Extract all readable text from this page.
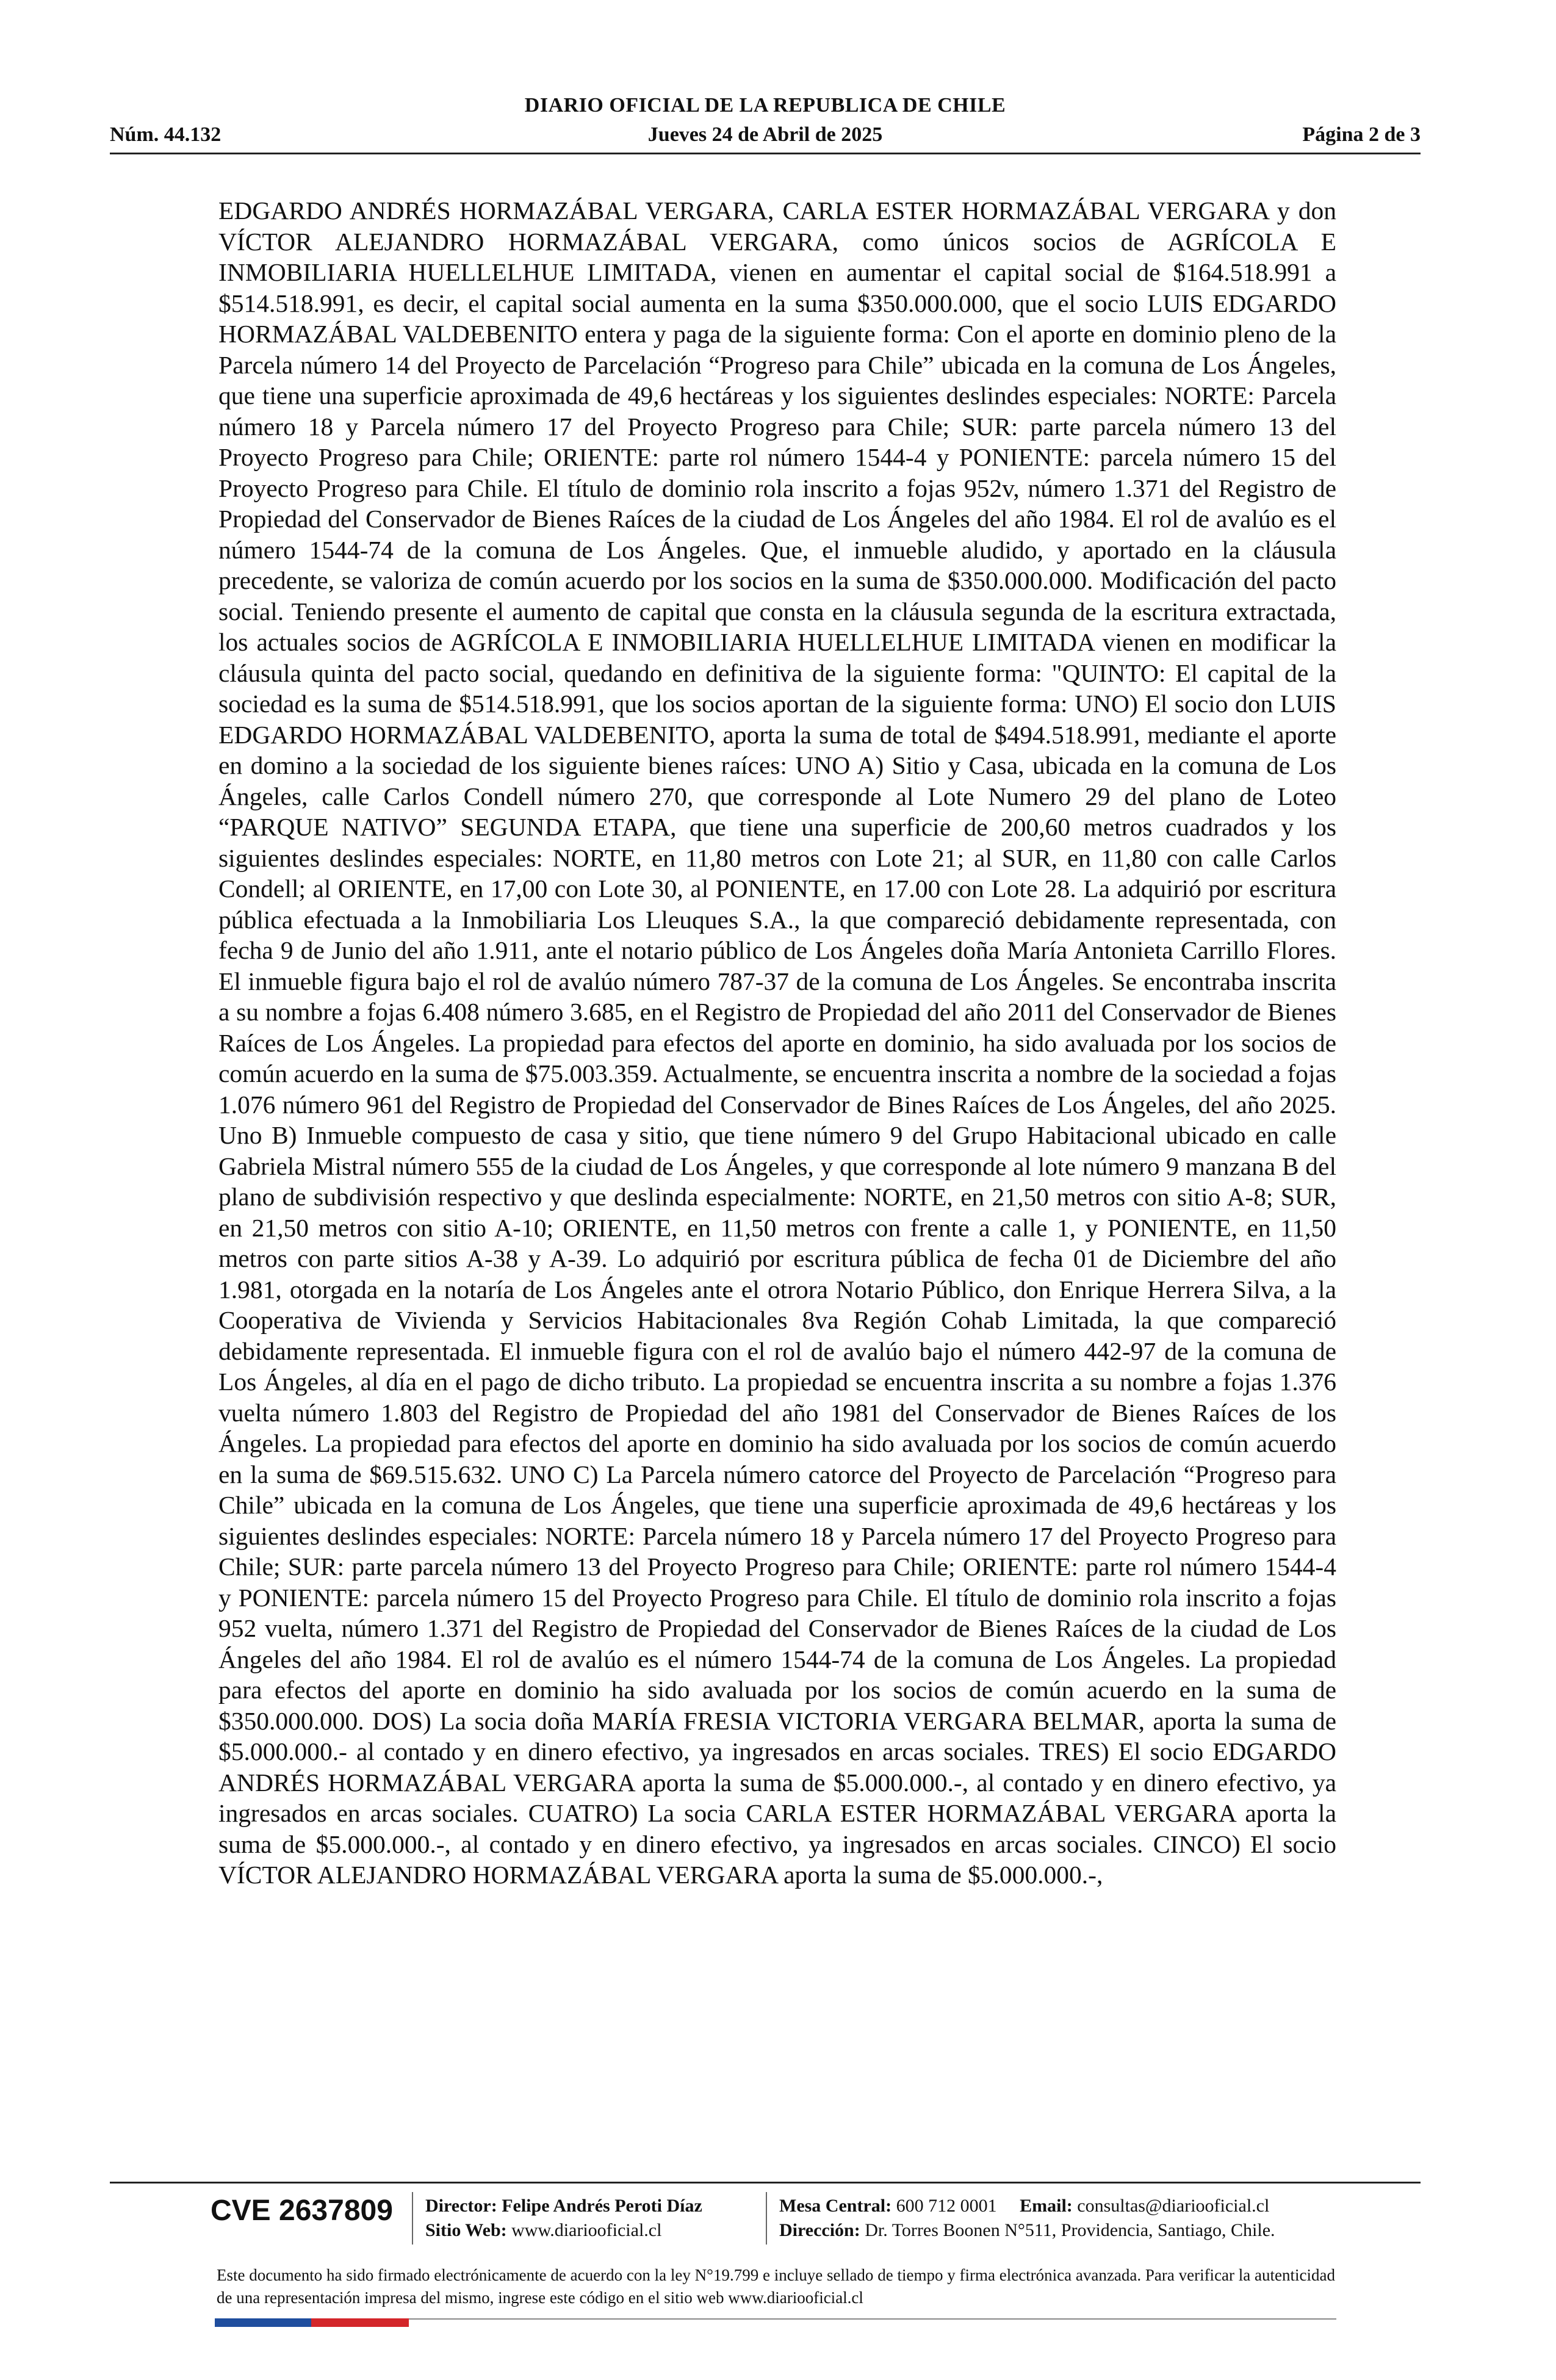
DIARIO OFICIAL DE LA REPUBLICA DE CHILE
Núm. 44.132	Jueves 24 de Abril de 2025	Página 2 de 3

EDGARDO ANDRÉS HORMAZÁBAL VERGARA, CARLA ESTER HORMAZÁBAL VERGARA y don VÍCTOR ALEJANDRO HORMAZÁBAL VERGARA, como únicos socios de AGRÍCOLA E INMOBILIARIA HUELLELHUE LIMITADA, vienen en aumentar el capital social de $164.518.991 a $514.518.991, es decir, el capital social aumenta en la suma $350.000.000, que el socio LUIS EDGARDO HORMAZÁBAL VALDEBENITO entera y paga de la siguiente forma: Con el aporte en dominio pleno de la Parcela número 14 del Proyecto de Parcelación “Progreso para Chile” ubicada en la comuna de Los Ángeles, que tiene una superficie aproximada de 49,6 hectáreas y los siguientes deslindes especiales: NORTE: Parcela número 18 y Parcela número 17 del Proyecto Progreso para Chile; SUR: parte parcela número 13 del Proyecto Progreso para Chile; ORIENTE: parte rol número 1544-4 y PONIENTE: parcela número 15 del Proyecto Progreso para Chile. El título de dominio rola inscrito a fojas 952v, número 1.371 del Registro de Propiedad del Conservador de Bienes Raíces de la ciudad de Los Ángeles del año 1984. El rol de avalúo es el número 1544-74 de la comuna de Los Ángeles. Que, el inmueble aludido, y aportado en la cláusula precedente, se valoriza de común acuerdo por los socios en la suma de $350.000.000. Modificación del pacto social. Teniendo presente el aumento de capital que consta en la cláusula segunda de la escritura extractada, los actuales socios de AGRÍCOLA E INMOBILIARIA HUELLELHUE LIMITADA vienen en modificar la cláusula quinta del pacto social, quedando en definitiva de la siguiente forma: "QUINTO: El capital de la sociedad es la suma de $514.518.991, que los socios aportan de la siguiente forma: UNO) El socio don LUIS EDGARDO HORMAZÁBAL VALDEBENITO, aporta la suma de total de $494.518.991, mediante el aporte en domino a la sociedad de los siguiente bienes raíces: UNO A) Sitio y Casa, ubicada en la comuna de Los Ángeles, calle Carlos Condell número 270, que corresponde al Lote Numero 29 del plano de Loteo “PARQUE NATIVO” SEGUNDA ETAPA, que tiene una superficie de 200,60 metros cuadrados y los siguientes deslindes especiales: NORTE, en 11,80 metros con Lote 21; al SUR, en 11,80 con calle Carlos Condell; al ORIENTE, en 17,00 con Lote 30, al PONIENTE, en 17.00 con Lote 28. La adquirió por escritura pública efectuada a la Inmobiliaria Los Lleuques S.A., la que compareció debidamente representada, con fecha 9 de Junio del año 1.911, ante el notario público de Los Ángeles doña María Antonieta Carrillo Flores. El inmueble figura bajo el rol de avalúo número 787-37 de la comuna de Los Ángeles. Se encontraba inscrita a su nombre a fojas 6.408 número 3.685, en el Registro de Propiedad del año 2011 del Conservador de Bienes Raíces de Los Ángeles. La propiedad para efectos del aporte en dominio, ha sido avaluada por los socios de común acuerdo en la suma de $75.003.359. Actualmente, se encuentra inscrita a nombre de la sociedad a fojas 1.076 número 961 del Registro de Propiedad del Conservador de Bines Raíces de Los Ángeles, del año 2025. Uno B) Inmueble compuesto de casa y sitio, que tiene número 9 del Grupo Habitacional ubicado en calle Gabriela Mistral número 555 de la ciudad de Los Ángeles, y que corresponde al lote número 9 manzana B del plano de subdivisión respectivo y que deslinda especialmente: NORTE, en 21,50 metros con sitio A-8; SUR, en 21,50 metros con sitio A-10; ORIENTE, en 11,50 metros con frente a calle 1, y PONIENTE, en 11,50 metros con parte sitios A-38 y A-39. Lo adquirió por escritura pública de fecha 01 de Diciembre del año 1.981, otorgada en la notaría de Los Ángeles ante el otrora Notario Público, don Enrique Herrera Silva, a la Cooperativa de Vivienda y Servicios Habitacionales 8va Región Cohab Limitada, la que compareció debidamente representada. El inmueble figura con el rol de avalúo bajo el número 442-97 de la comuna de Los Ángeles, al día en el pago de dicho tributo. La propiedad se encuentra inscrita a su nombre a fojas 1.376 vuelta número 1.803 del Registro de Propiedad del año 1981 del Conservador de Bienes Raíces de los Ángeles. La propiedad para efectos del aporte en dominio ha sido avaluada por los socios de común acuerdo en la suma de $69.515.632. UNO C) La Parcela número catorce del Proyecto de Parcelación “Progreso para Chile” ubicada en la comuna de Los Ángeles, que tiene una superficie aproximada de 49,6 hectáreas y los siguientes deslindes especiales: NORTE: Parcela número 18 y Parcela número 17 del Proyecto Progreso para Chile; SUR: parte parcela número 13 del Proyecto Progreso para Chile; ORIENTE: parte rol número 1544-4 y PONIENTE: parcela número 15 del Proyecto Progreso para Chile. El título de dominio rola inscrito a fojas 952 vuelta, número 1.371 del Registro de Propiedad del Conservador de Bienes Raíces de la ciudad de Los Ángeles del año 1984. El rol de avalúo es el número 1544-74 de la comuna de Los Ángeles. La propiedad para efectos del aporte en dominio ha sido avaluada por los socios de común acuerdo en la suma de $350.000.000. DOS) La socia doña MARÍA FRESIA VICTORIA VERGARA BELMAR, aporta la suma de $5.000.000.- al contado y en dinero efectivo, ya ingresados en arcas sociales. TRES) El socio EDGARDO ANDRÉS HORMAZÁBAL VERGARA aporta la suma de $5.000.000.-, al contado y en dinero efectivo, ya ingresados en arcas sociales. CUATRO) La socia CARLA ESTER HORMAZÁBAL VERGARA aporta la suma de $5.000.000.-, al contado y en dinero efectivo, ya ingresados en arcas sociales. CINCO) El socio VÍCTOR ALEJANDRO HORMAZÁBAL VERGARA aporta la suma de $5.000.000.-,

CVE 2637809 Director: Felipe Andrés Peroti Díaz
Sitio Web: www.diariooficial.cl
Mesa Central: 600 712 0001 Email: consultas@diariooficial.cl
Dirección: Dr. Torres Boonen N°511, Providencia, Santiago, Chile.

Este documento ha sido firmado electrónicamente de acuerdo con la ley N°19.799 e incluye sellado de tiempo y firma electrónica avanzada. Para verificar la autenticidad de una representación impresa del mismo, ingrese este código en el sitio web www.diariooficial.cl
